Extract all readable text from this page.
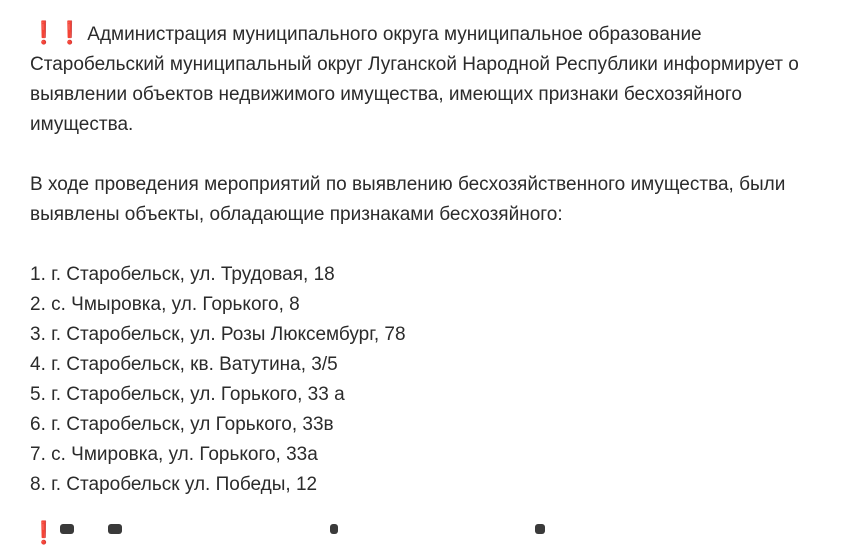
❗❗ Администрация муниципального округа муниципальное образование Старобельский муниципальный округ Луганской Народной Республики информирует о выявлении объектов недвижимого имущества, имеющих признаки бесхозяйного имущества.

В ходе проведения мероприятий по выявлению бесхозяйственного имущества, были выявлены объекты, обладающие признаками бесхозяйного:

1. г. Старобельск, ул. Трудовая, 18
2. с. Чмыровка, ул. Горького, 8
3. г. Старобельск, ул. Розы Люксембург, 78
4. г. Старобельск, кв. Ватутина, 3/5
5. г. Старобельск, ул. Горького, 33 а
6. г. Старобельск, ул Горького, 33в
7. с. Чмировка, ул. Горького, 33а
8. г. Старобельск ул. Победы, 12
❗
